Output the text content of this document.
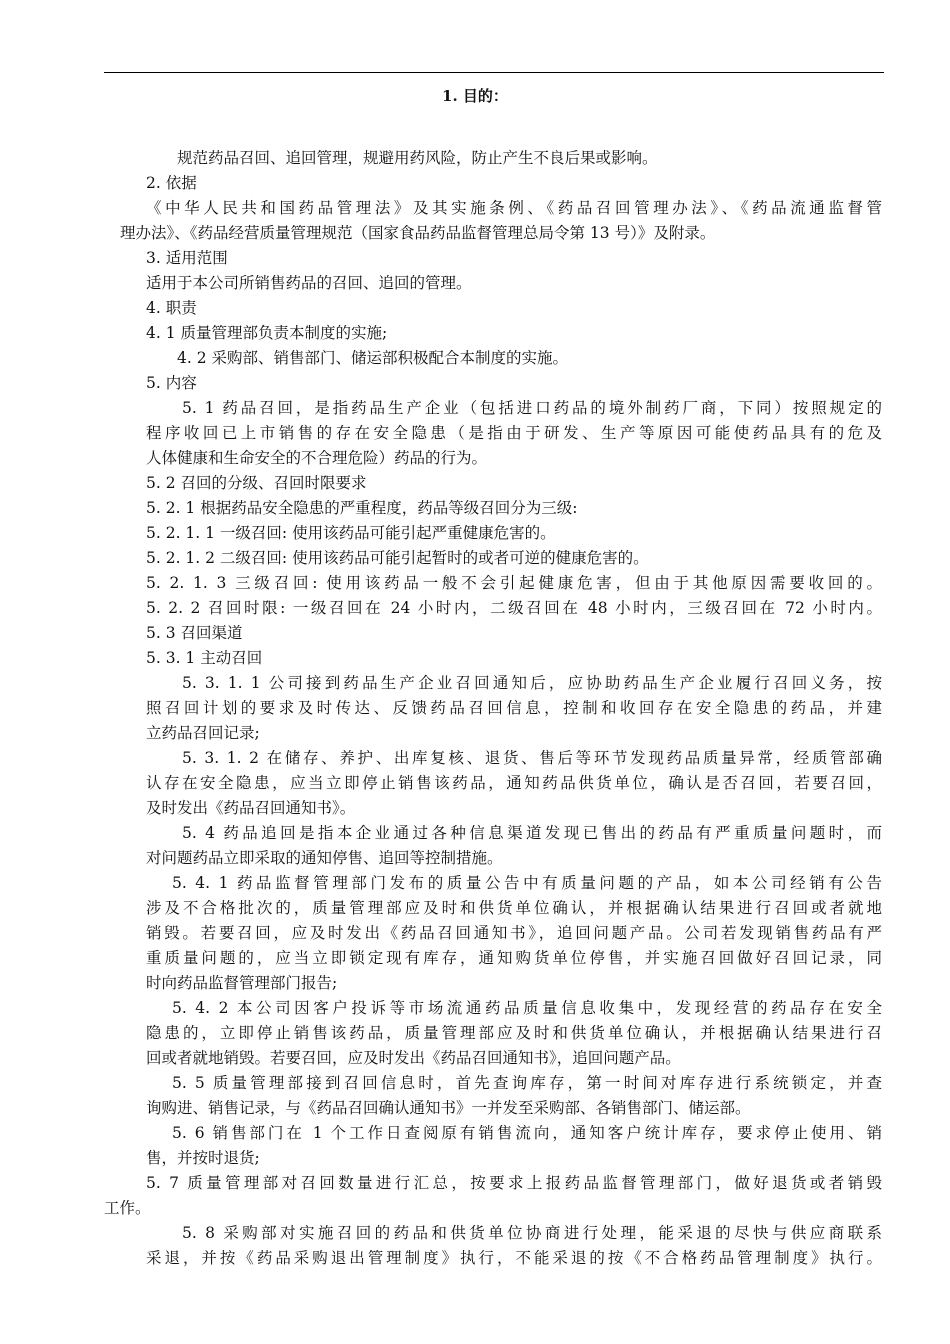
1. 目的：
规范药品召回、追回管理，规避用药风险，防止产生不良后果或影响。
2. 依据
《中华人民共和国药品管理法》及其实施条例、《药品召回管理办法》、《药品流通监督管
理办法》、《药品经营质量管理规范（国家食品药品监督管理总局令第 13 号）》及附录。
3. 适用范围
适用于本公司所销售药品的召回、追回的管理。
4. 职责
4. 1 质量管理部负责本制度的实施;
4. 2 采购部、销售部门、储运部积极配合本制度的实施。
5. 内容
5. 1 药品召回，是指药品生产企业（包括进口药品的境外制药厂商，下同）按照规定的
程序收回已上市销售的存在安全隐患（是指由于研发、生产等原因可能使药品具有的危及
人体健康和生命安全的不合理危险）药品的行为。
5. 2 召回的分级、召回时限要求
5. 2. 1 根据药品安全隐患的严重程度，药品等级召回分为三级:
5. 2. 1. 1 一级召回: 使用该药品可能引起严重健康危害的。
5. 2. 1. 2 二级召回: 使用该药品可能引起暂时的或者可逆的健康危害的。
5. 2. 1. 3 三级召回: 使用该药品一般不会引起健康危害，但由于其他原因需要收回的。
5. 2. 2 召回时限: 一级召回在 24 小时内，二级召回在 48 小时内，三级召回在 72 小时内。
5. 3 召回渠道
5. 3. 1 主动召回
5. 3. 1. 1 公司接到药品生产企业召回通知后，应协助药品生产企业履行召回义务，按
照召回计划的要求及时传达、反馈药品召回信息，控制和收回存在安全隐患的药品，并建
立药品召回记录;
5. 3. 1. 2 在储存、养护、出库复核、退货、售后等环节发现药品质量异常，经质管部确
认存在安全隐患，应当立即停止销售该药品，通知药品供货单位，确认是否召回，若要召回，
及时发出《药品召回通知书》。
5. 4 药品追回是指本企业通过各种信息渠道发现已售出的药品有严重质量问题时，而
对问题药品立即采取的通知停售、追回等控制措施。
5. 4. 1 药品监督管理部门发布的质量公告中有质量问题的产品，如本公司经销有公告
涉及不合格批次的，质量管理部应及时和供货单位确认，并根据确认结果进行召回或者就地
销毁。若要召回，应及时发出《药品召回通知书》，追回问题产品。公司若发现销售药品有严
重质量问题的，应当立即锁定现有库存，通知购货单位停售，并实施召回做好召回记录，同
时向药品监督管理部门报告;
5. 4. 2 本公司因客户投诉等市场流通药品质量信息收集中，发现经营的药品存在安全
隐患的，立即停止销售该药品，质量管理部应及时和供货单位确认，并根据确认结果进行召
回或者就地销毁。若要召回，应及时发出《药品召回通知书》，追回问题产品。
5. 5 质量管理部接到召回信息时，首先查询库存，第一时间对库存进行系统锁定，并查
询购进、销售记录，与《药品召回确认通知书》一并发至采购部、各销售部门、储运部。
5. 6 销售部门在 1 个工作日查阅原有销售流向，通知客户统计库存，要求停止使用、销
售，并按时退货;
5. 7 质量管理部对召回数量进行汇总，按要求上报药品监督管理部门，做好退货或者销毁
工作。
5. 8 采购部对实施召回的药品和供货单位协商进行处理，能采退的尽快与供应商联系
采退，并按《药品采购退出管理制度》执行，不能采退的按《不合格药品管理制度》执行。
